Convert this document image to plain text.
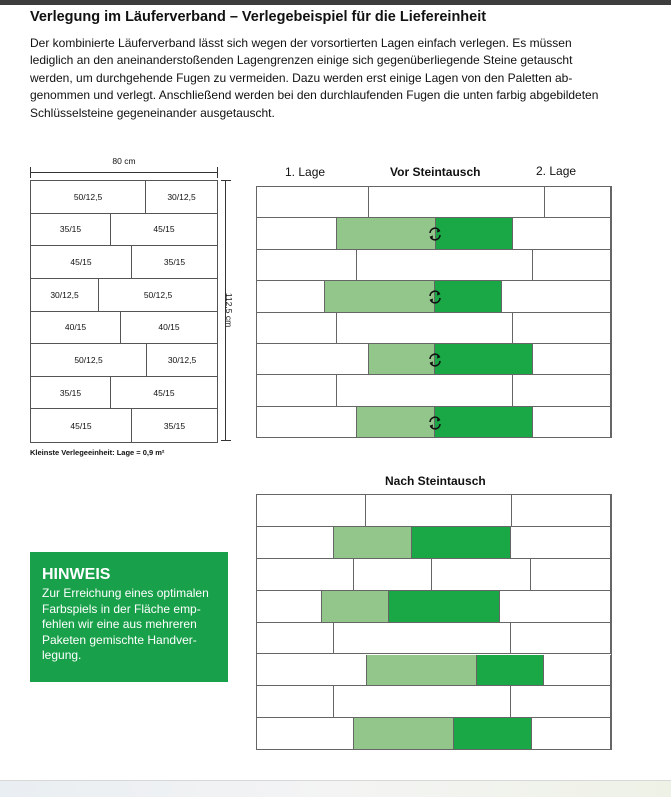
Verlegung im Läuferverband – Verlegebeispiel für die Liefereinheit
Der kombinierte Läuferverband lässt sich wegen der vorsortierten Lagen einfach verlegen. Es müssen
lediglich an den aneinanderstoßenden Lagengrenzen einige sich gegenüberliegende Steine getauscht
werden, um durchgehende Fugen zu vermeiden. Dazu werden erst einige Lagen von den Paletten ab-
genommen und verlegt. Anschließend werden bei den durchlaufenden Fugen die unten farbig abgebildeten
Schlüsselsteine gegeneinander ausgetauscht.
80 cm
50/12,5	30/12,5
35/15	45/15
45/15	35/15
30/12,5	50/12,5
40/15	40/15
50/12,5	30/12,5
35/15	45/15
45/15	35/15
112,5 cm
Kleinste Verlegeeinheit: Lage = 0,9 m²
1. Lage	Vor Steintausch	2. Lage
Nach Steintausch
HINWEIS
Zur Erreichung eines optimalen
Farbspiels in der Fläche emp-
fehlen wir eine aus mehreren
Paketen gemischte Handver-
legung.
